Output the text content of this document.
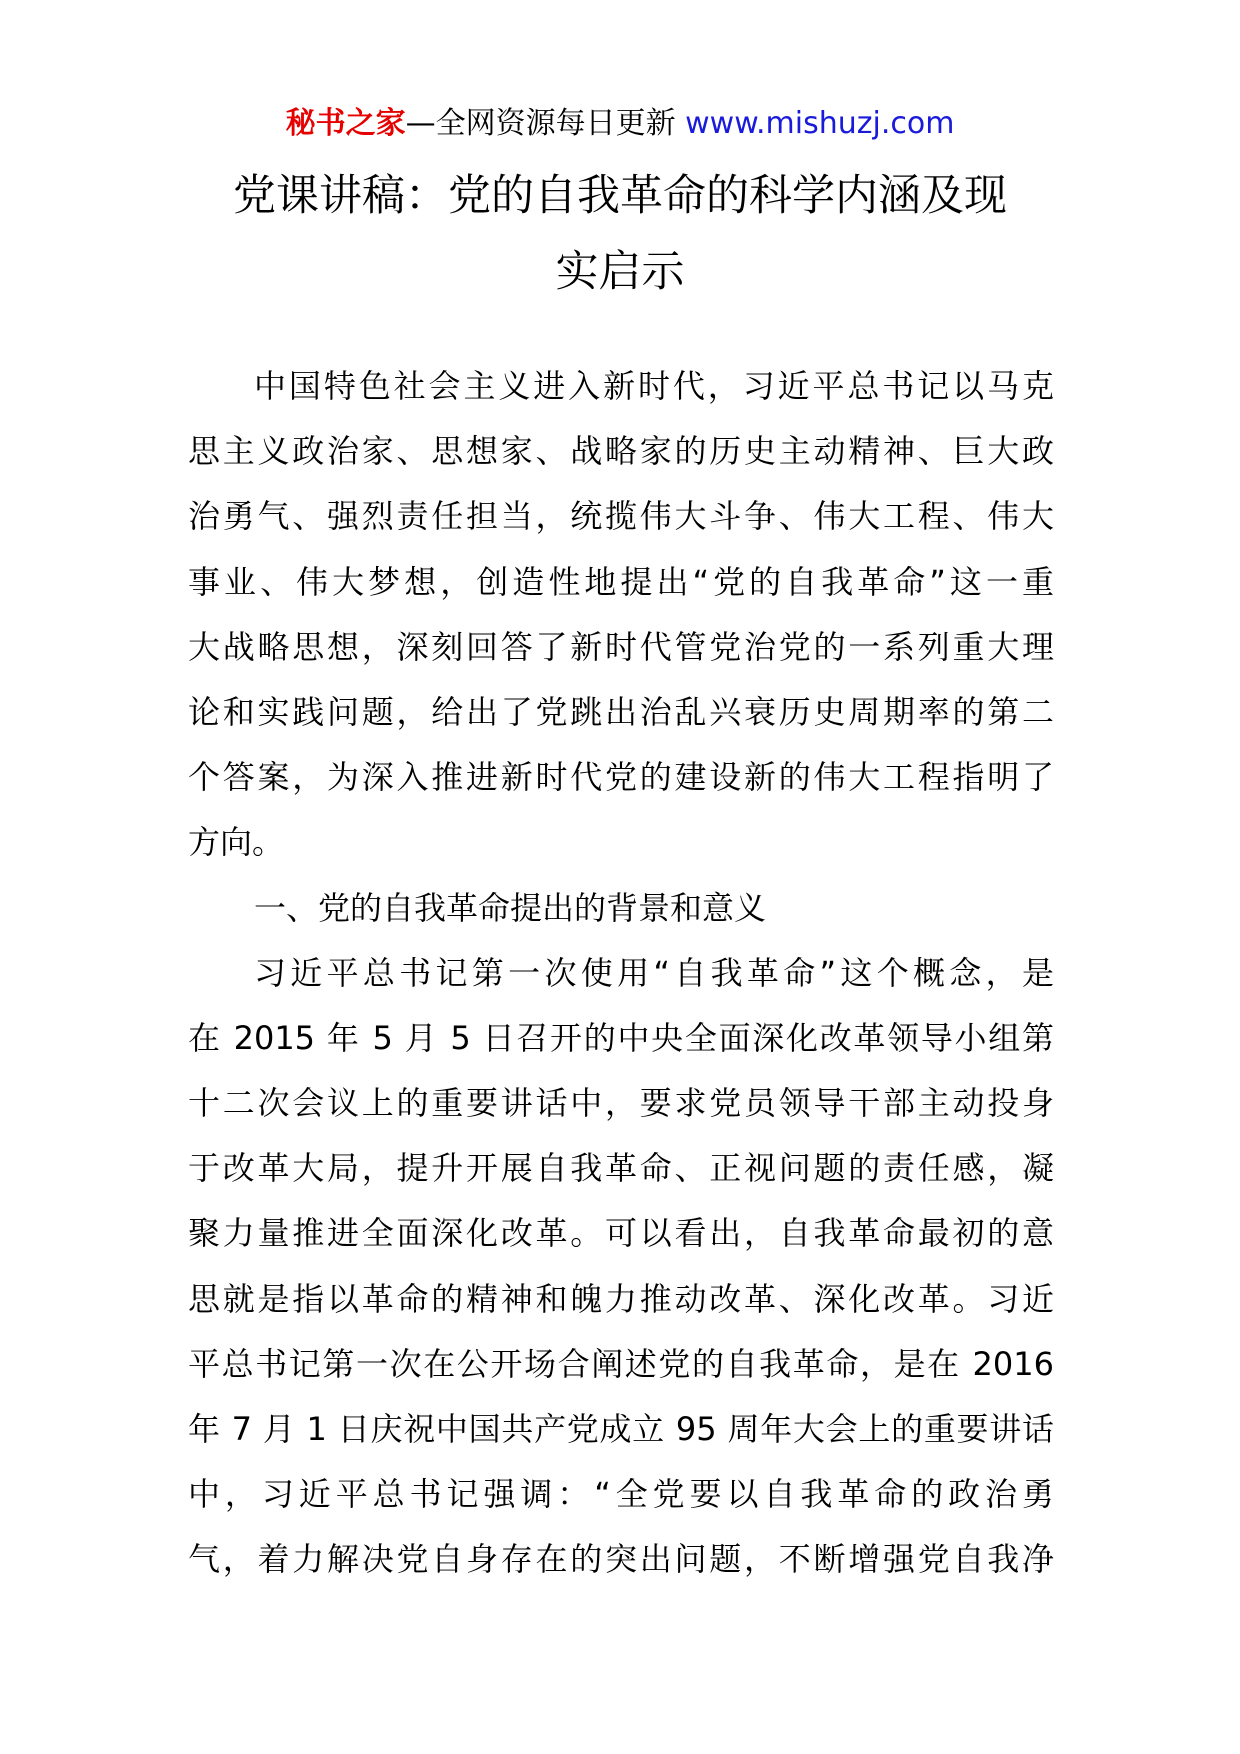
秘书之家—全网资源每日更新 www.mishuzj.com
党课讲稿：党的自我革命的科学内涵及现
实启示
中国特色社会主义进入新时代，习近平总书记以马克
思主义政治家、思想家、战略家的历史主动精神、巨大政
治勇气、强烈责任担当，统揽伟大斗争、伟大工程、伟大
事业、伟大梦想，创造性地提出“党的自我革命”这一重
大战略思想，深刻回答了新时代管党治党的一系列重大理
论和实践问题，给出了党跳出治乱兴衰历史周期率的第二
个答案，为深入推进新时代党的建设新的伟大工程指明了
方向。
一、党的自我革命提出的背景和意义
习近平总书记第一次使用“自我革命”这个概念，是
在 2015 年 5 月 5 日召开的中央全面深化改革领导小组第
十二次会议上的重要讲话中，要求党员领导干部主动投身
于改革大局，提升开展自我革命、正视问题的责任感，凝
聚力量推进全面深化改革。可以看出，自我革命最初的意
思就是指以革命的精神和魄力推动改革、深化改革。习近
平总书记第一次在公开场合阐述党的自我革命，是在 2016
年 7 月 1 日庆祝中国共产党成立 95 周年大会上的重要讲话
中，习近平总书记强调：“全党要以自我革命的政治勇
气，着力解决党自身存在的突出问题，不断增强党自我净
